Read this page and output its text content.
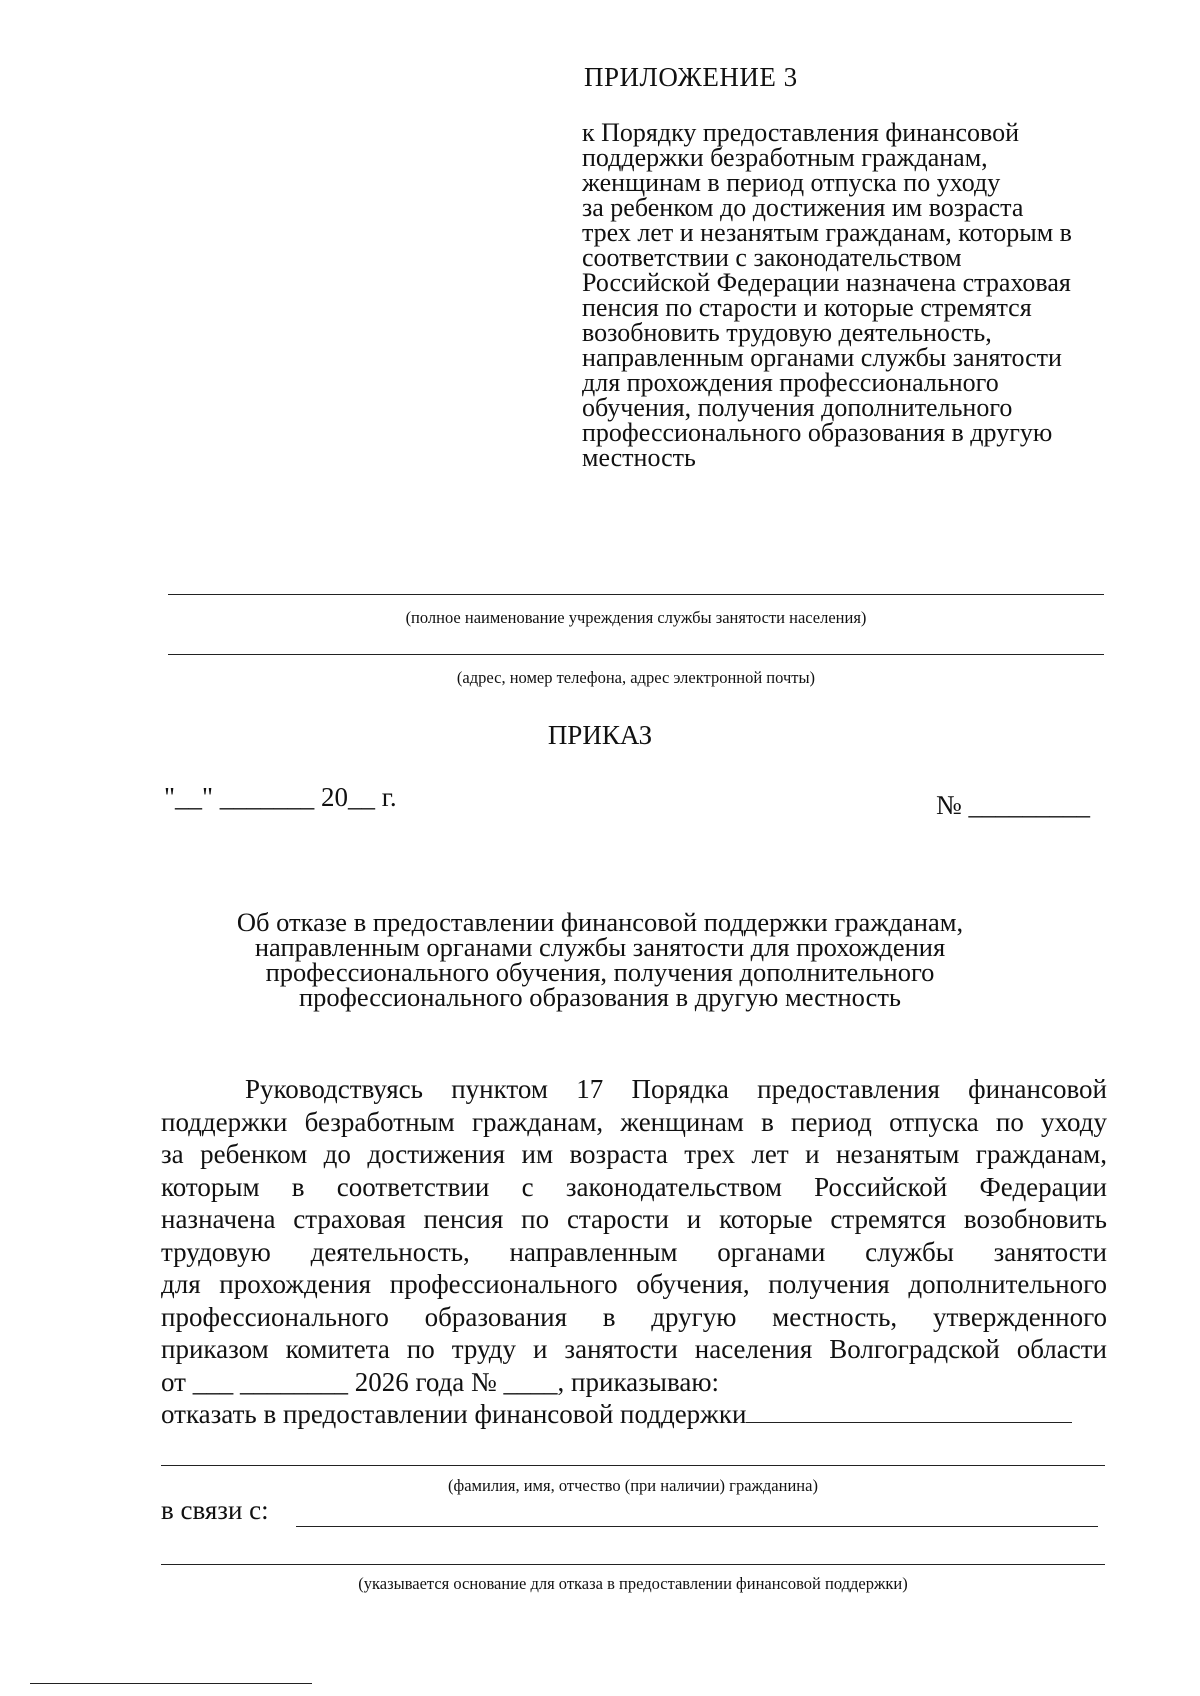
ПРИЛОЖЕНИЕ 3
к Порядку предоставления финансовой
поддержки безработным гражданам,
женщинам в период отпуска по уходу
за ребенком до достижения им возраста
трех лет и незанятым гражданам, которым в
соответствии с законодательством
Российской Федерации назначена страховая
пенсия по старости и которые стремятся
возобновить трудовую деятельность,
направленным органами службы занятости
для прохождения профессионального
обучения, получения дополнительного
профессионального образования в другую
местность
(полное наименование учреждения службы занятости населения)
(адрес, номер телефона, адрес электронной почты)
ПРИКАЗ
"__" _______ 20__ г.	№ _________
Об отказе в предоставлении финансовой поддержки гражданам,
направленным органами службы занятости для прохождения
профессионального обучения, получения дополнительного
профессионального образования в другую местность
Руководствуясь пунктом 17 Порядка предоставления финансовой
поддержки безработным гражданам, женщинам в период отпуска по уходу
за ребенком до достижения им возраста трех лет и незанятым гражданам,
которым в соответствии с законодательством Российской Федерации
назначена страховая пенсия по старости и которые стремятся возобновить
трудовую деятельность, направленным органами службы занятости
для прохождения профессионального обучения, получения дополнительного
профессионального образования в другую местность, утвержденного
приказом комитета по труду и занятости населения Волгоградской области
от ___ ________ 2026 года № ____, приказываю:
отказать в предоставлении финансовой поддержки
(фамилия, имя, отчество (при наличии) гражданина)
в связи с:
(указывается основание для отказа в предоставлении финансовой поддержки)
